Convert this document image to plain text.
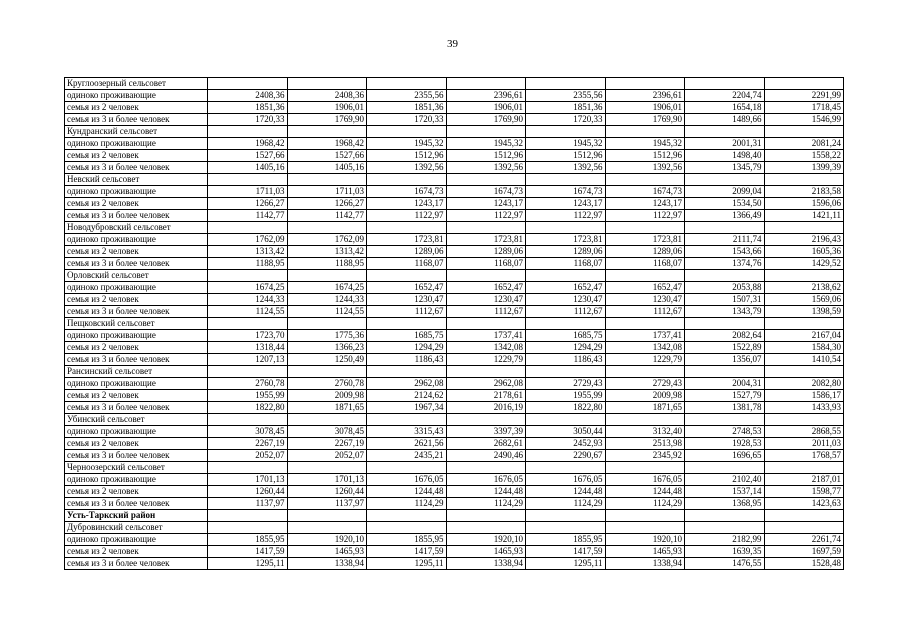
39
Круглоозерный сельсовет								
одиноко проживающие	2408,36	2408,36	2355,56	2396,61	2355,56	2396,61	2204,74	2291,99
семья из 2 человек	1851,36	1906,01	1851,36	1906,01	1851,36	1906,01	1654,18	1718,45
семья из 3 и более человек	1720,33	1769,90	1720,33	1769,90	1720,33	1769,90	1489,66	1546,99
Кундранский сельсовет								
одиноко проживающие	1968,42	1968,42	1945,32	1945,32	1945,32	1945,32	2001,31	2081,24
семья из 2 человек	1527,66	1527,66	1512,96	1512,96	1512,96	1512,96	1498,40	1558,22
семья из 3 и более человек	1405,16	1405,16	1392,56	1392,56	1392,56	1392,56	1345,79	1399,39
Невский сельсовет								
одиноко проживающие	1711,03	1711,03	1674,73	1674,73	1674,73	1674,73	2099,04	2183,58
семья из 2 человек	1266,27	1266,27	1243,17	1243,17	1243,17	1243,17	1534,50	1596,06
семья из 3 и более человек	1142,77	1142,77	1122,97	1122,97	1122,97	1122,97	1366,49	1421,11
Новодубровский сельсовет								
одиноко проживающие	1762,09	1762,09	1723,81	1723,81	1723,81	1723,81	2111,74	2196,43
семья из 2 человек	1313,42	1313,42	1289,06	1289,06	1289,06	1289,06	1543,66	1605,36
семья из 3 и более человек	1188,95	1188,95	1168,07	1168,07	1168,07	1168,07	1374,76	1429,52
Орловский сельсовет								
одиноко проживающие	1674,25	1674,25	1652,47	1652,47	1652,47	1652,47	2053,88	2138,62
семья из 2 человек	1244,33	1244,33	1230,47	1230,47	1230,47	1230,47	1507,31	1569,06
семья из 3 и более человек	1124,55	1124,55	1112,67	1112,67	1112,67	1112,67	1343,79	1398,59
Пещковский сельсовет								
одиноко проживающие	1723,70	1775,36	1685,75	1737,41	1685,75	1737,41	2082,64	2167,04
семья из 2 человек	1318,44	1366,23	1294,29	1342,08	1294,29	1342,08	1522,89	1584,30
семья из 3 и более человек	1207,13	1250,49	1186,43	1229,79	1186,43	1229,79	1356,07	1410,54
Рансинский сельсовет								
одиноко проживающие	2760,78	2760,78	2962,08	2962,08	2729,43	2729,43	2004,31	2082,80
семья из 2 человек	1955,99	2009,98	2124,62	2178,61	1955,99	2009,98	1527,79	1586,17
семья из 3 и более человек	1822,80	1871,65	1967,34	2016,19	1822,80	1871,65	1381,78	1433,93
Убинский сельсовет								
одиноко проживающие	3078,45	3078,45	3315,43	3397,39	3050,44	3132,40	2748,53	2868,55
семья из 2 человек	2267,19	2267,19	2621,56	2682,61	2452,93	2513,98	1928,53	2011,03
семья из 3 и более человек	2052,07	2052,07	2435,21	2490,46	2290,67	2345,92	1696,65	1768,57
Черноозерский сельсовет								
одиноко проживающие	1701,13	1701,13	1676,05	1676,05	1676,05	1676,05	2102,40	2187,01
семья из 2 человек	1260,44	1260,44	1244,48	1244,48	1244,48	1244,48	1537,14	1598,77
семья из 3 и более человек	1137,97	1137,97	1124,29	1124,29	1124,29	1124,29	1368,95	1423,63
Усть-Таркский район								
Дубровинский сельсовет								
одиноко проживающие	1855,95	1920,10	1855,95	1920,10	1855,95	1920,10	2182,99	2261,74
семья из 2 человек	1417,59	1465,93	1417,59	1465,93	1417,59	1465,93	1639,35	1697,59
семья из 3 и более человек	1295,11	1338,94	1295,11	1338,94	1295,11	1338,94	1476,55	1528,48
